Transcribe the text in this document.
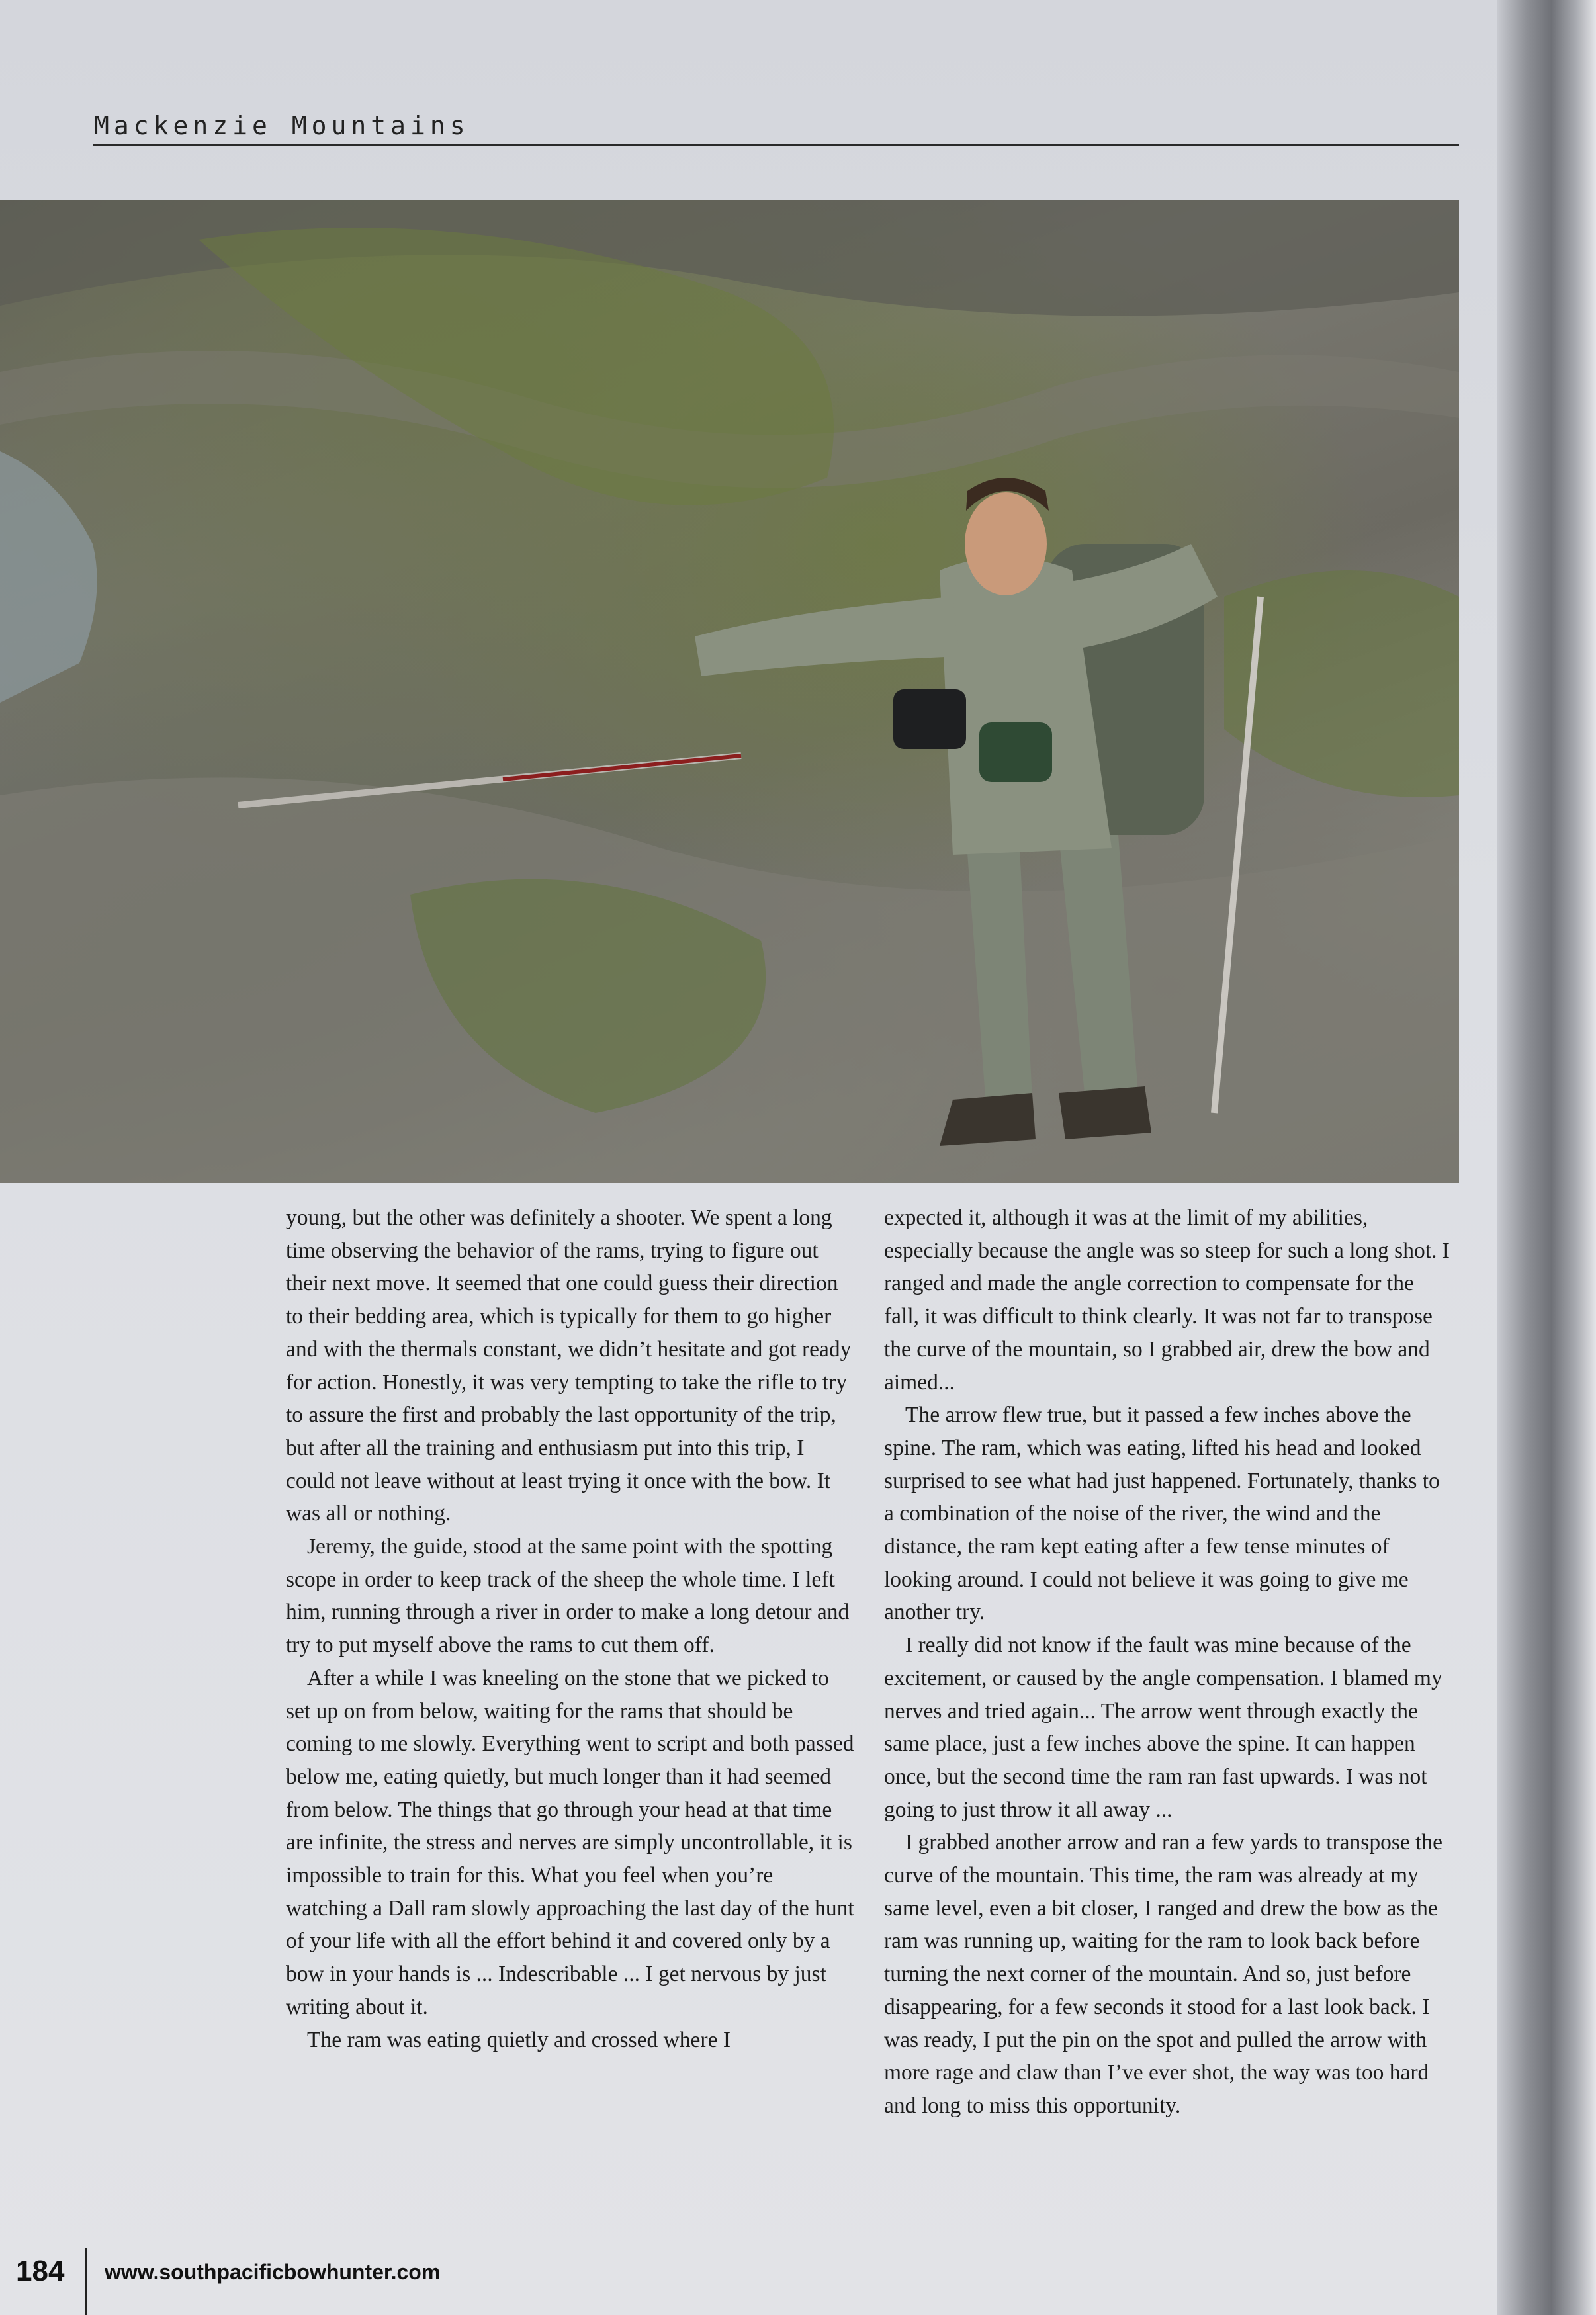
Mackenzie Mountains

young, but the other was definitely a shooter. We spent a long time observing the behavior of the rams, trying to figure out their next move. It seemed that one could guess their direction to their bedding area, which is typically for them to go higher and with the thermals constant, we didn’t hesitate and got ready for action. Honestly, it was very tempting to take the rifle to try to assure the first and probably the last opportunity of the trip, but after all the training and enthusiasm put into this trip, I could not leave without at least trying it once with the bow. It was all or nothing.

Jeremy, the guide, stood at the same point with the spotting scope in order to keep track of the sheep the whole time. I left him, running through a river in order to make a long detour and try to put myself above the rams to cut them off.

After a while I was kneeling on the stone that we picked to set up on from below, waiting for the rams that should be coming to me slowly. Everything went to script and both passed below me, eating quietly, but much longer than it had seemed from below. The things that go through your head at that time are infinite, the stress and nerves are simply uncontrollable, it is impossible to train for this. What you feel when you’re watching a Dall ram slowly approaching the last day of the hunt of your life with all the effort behind it and covered only by a bow in your hands is ... Indescribable ... I get nervous by just writing about it.

The ram was eating quietly and crossed where I

expected it, although it was at the limit of my abilities, especially because the angle was so steep for such a long shot. I ranged and made the angle correction to compensate for the fall, it was difficult to think clearly. It was not far to transpose the curve of the mountain, so I grabbed air, drew the bow and aimed...

The arrow flew true, but it passed a few inches above the spine. The ram, which was eating, lifted his head and looked surprised to see what had just happened. Fortunately, thanks to a combination of the noise of the river, the wind and the distance, the ram kept eating after a few tense minutes of looking around. I could not believe it was going to give me another try.

I really did not know if the fault was mine because of the excitement, or caused by the angle compensation. I blamed my nerves and tried again... The arrow went through exactly the same place, just a few inches above the spine. It can happen once, but the second time the ram ran fast upwards. I was not going to just throw it all away ...

I grabbed another arrow and ran a few yards to transpose the curve of the mountain. This time, the ram was already at my same level, even a bit closer, I ranged and drew the bow as the ram was running up, waiting for the ram to look back before turning the next corner of the mountain. And so, just before disappearing, for a few seconds it stood for a last look back. I was ready, I put the pin on the spot and pulled the arrow with more rage and claw than I’ve ever shot, the way was too hard and long to miss this opportunity.

184 www.southpacificbowhunter.com
